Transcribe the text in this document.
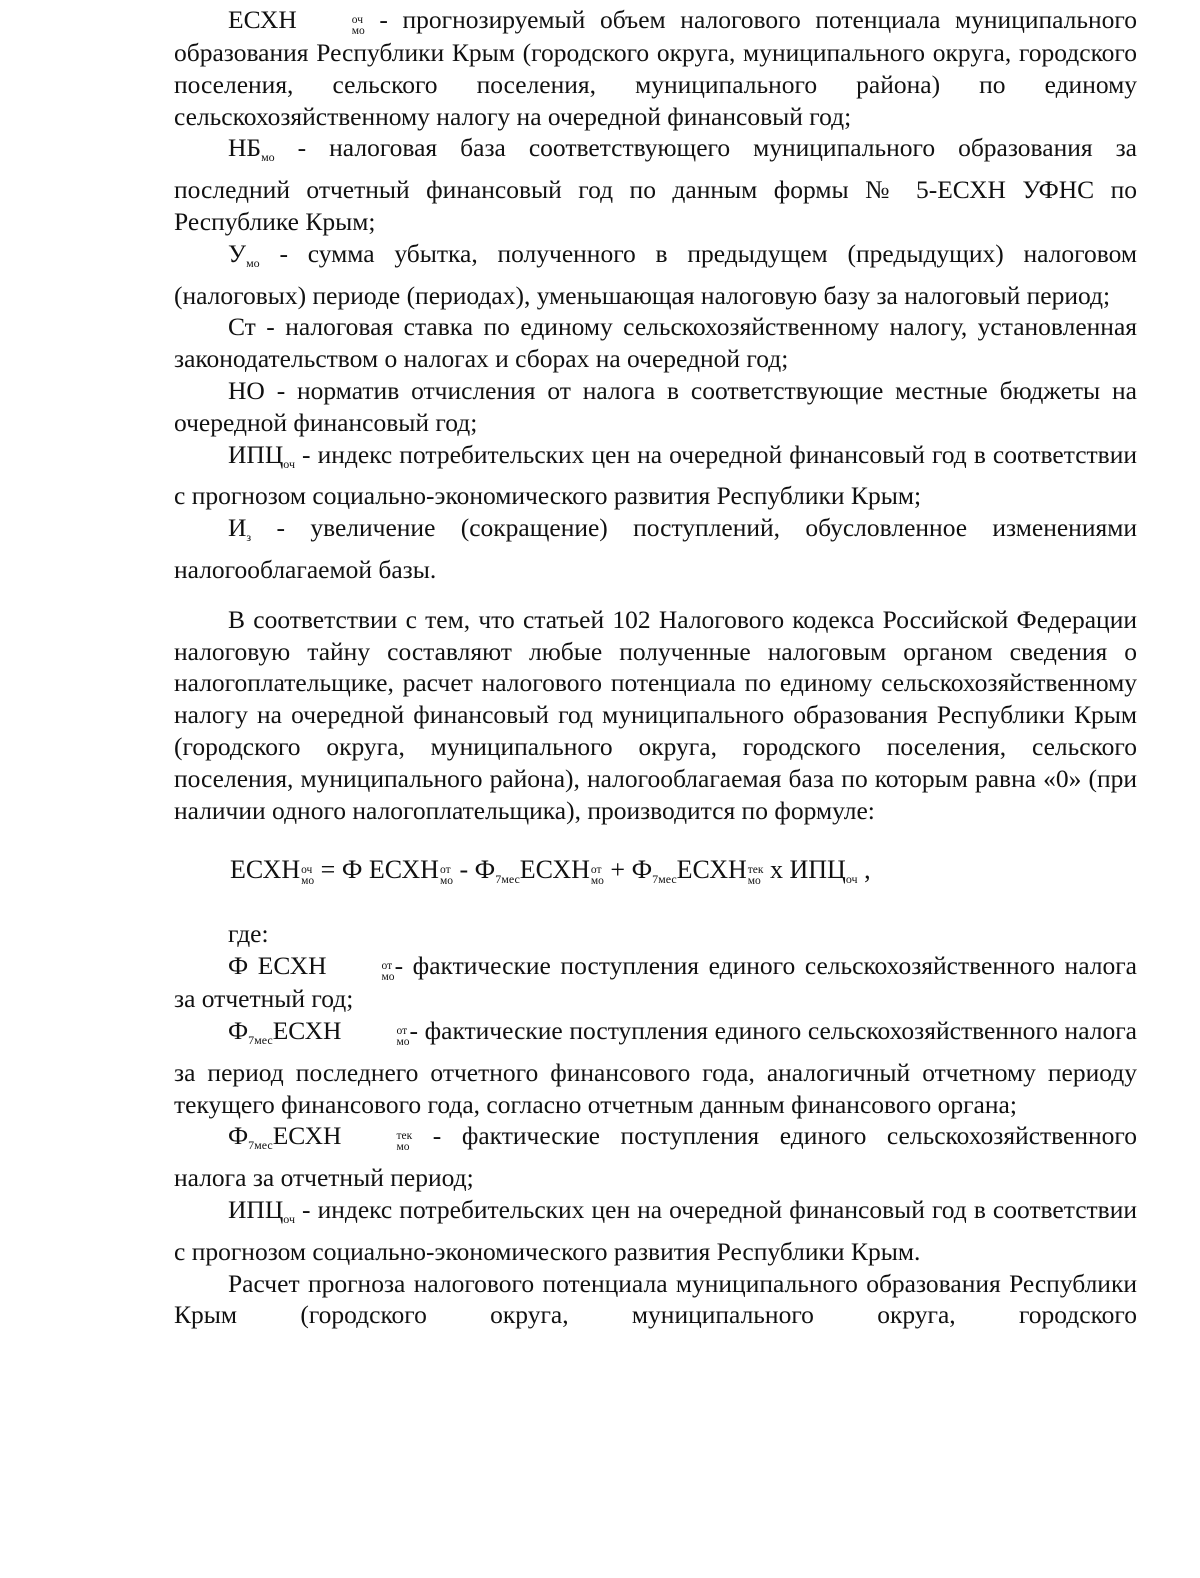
ЕСХН	оч
мо - прогнозируемый объем налогового потенциала муниципального образования Республики Крым (городского округа, муниципального округа, городского поселения, сельского поселения, муниципального района) по единому сельскохозяйственному налогу на очередной финансовый год;

НБмо - налоговая база соответствующего муниципального образования за последний отчетный финансовый год по данным формы № 5-ЕСХН УФНС по Республике Крым;

Умо - сумма убытка, полученного в предыдущем (предыдущих) налоговом (налоговых) периоде (периодах), уменьшающая налоговую базу за налоговый период;

Ст - налоговая ставка по единому сельскохозяйственному налогу, установленная законодательством о налогах и сборах на очередной год;

НО - норматив отчисления от налога в соответствующие местные бюджеты на очередной финансовый год;

ИПЦоч - индекс потребительских цен на очередной финансовый год в соответствии с прогнозом социально-экономического развития Республики Крым;

Из - увеличение (сокращение) поступлений, обусловленное изменениями налогооблагаемой базы.

В соответствии с тем, что статьей 102 Налогового кодекса Российской Федерации налоговую тайну составляют любые полученные налоговым органом сведения о налогоплательщике, расчет налогового потенциала по единому сельскохозяйственному налогу на очередной финансовый год муниципального образования Республики Крым (городского округа, муниципального округа, городского поселения, сельского поселения, муниципального района), налогооблагаемая база по которым равна «0» (при наличии одного налогоплательщика), производится по формуле:

ЕСХН оч
мо = Ф ЕСХН от
мо - Ф7месЕСХН от
мо + Ф7месЕСХН тек
мо х ИПЦоч ,

где:

Ф ЕСХН	от
мо - фактические поступления единого сельскохозяйственного налога за отчетный год;

Ф7месЕСХН	от
мо - фактические поступления единого сельскохозяйственного налога за период последнего отчетного финансового года, аналогичный отчетному периоду текущего финансового года, согласно отчетным данным финансового органа;

Ф7месЕСХН	тек
мо - фактические поступления единого сельскохозяйственного налога за отчетный период;

ИПЦоч - индекс потребительских цен на очередной финансовый год в соответствии с прогнозом социально-экономического развития Республики Крым.

Расчет прогноза налогового потенциала муниципального образования Республики Крым (городского округа, муниципального округа, городского
